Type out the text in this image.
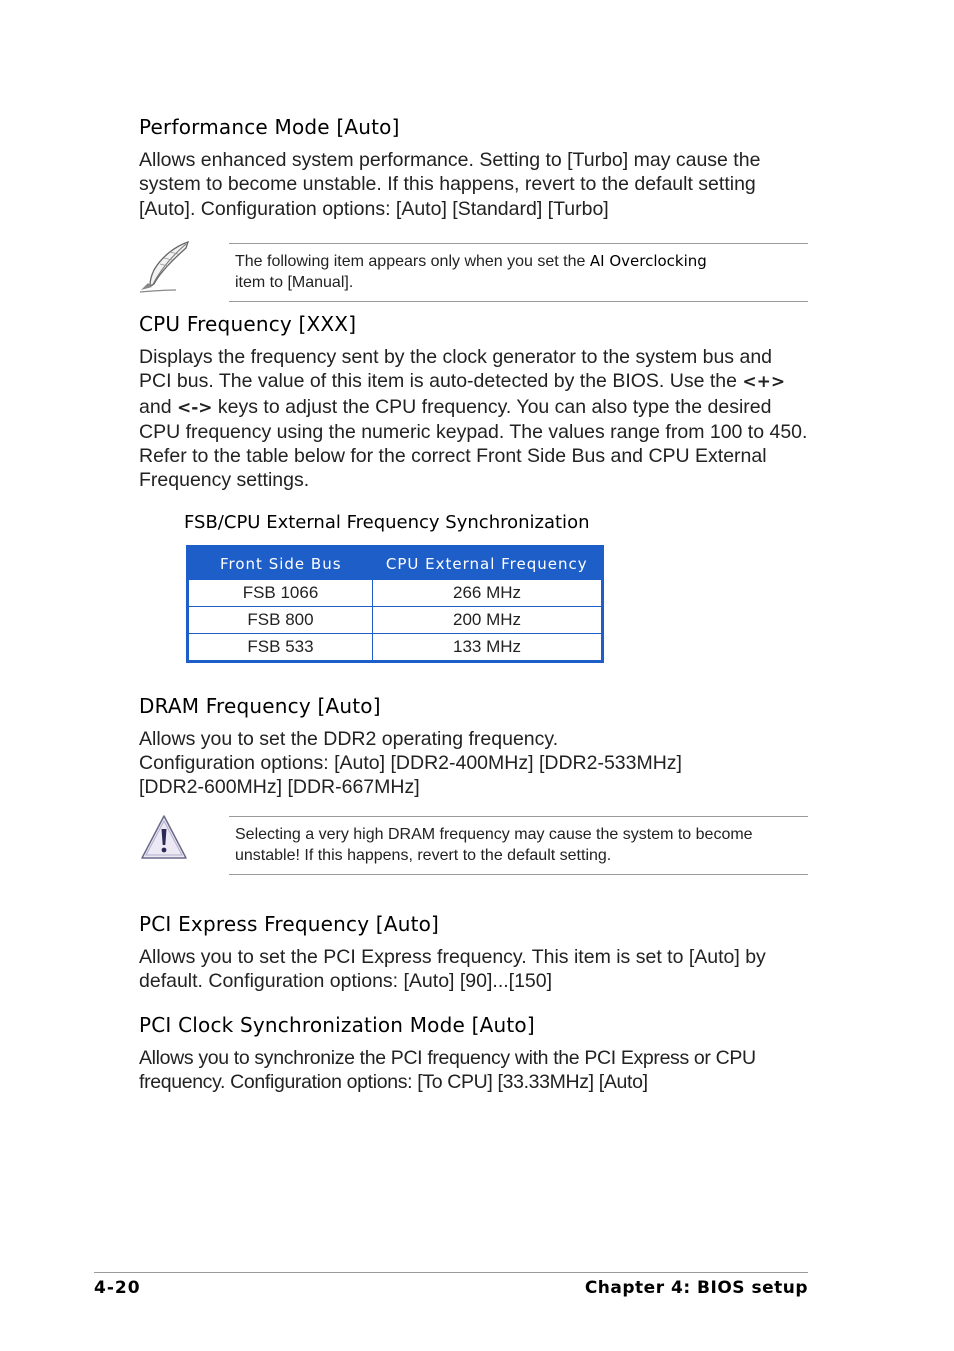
Performance Mode [Auto]

Allows enhanced system performance. Setting to [Turbo] may cause the system to become unstable. If this happens, revert to the default setting [Auto]. Configuration options: [Auto] [Standard] [Turbo]

The following item appears only when you set the AI Overclocking
item to [Manual].
CPU Frequency [XXX]

Displays the frequency sent by the clock generator to the system bus and PCI bus. The value of this item is auto-detected by the BIOS. Use the <+> and <-> keys to adjust the CPU frequency. You can also type the desired CPU frequency using the numeric keypad. The values range from 100 to 450. Refer to the table below for the correct Front Side Bus and CPU External Frequency settings.

FSB/CPU External Frequency Synchronization
Front Side Bus	CPU External Frequency
FSB 1066	266 MHz
FSB 800	200 MHz
FSB 533	133 MHz
DRAM Frequency [Auto]

Allows you to set the DDR2 operating frequency.

Configuration options: [Auto] [DDR2-400MHz] [DDR2-533MHz] [DDR2-600MHz] [DDR-667MHz]

Selecting a very high DRAM frequency may cause the system to become unstable! If this happens, revert to the default setting.
PCI Express Frequency [Auto]

Allows you to set the PCI Express frequency. This item is set to [Auto] by default. Configuration options: [Auto] [90]...[150]

PCI Clock Synchronization Mode [Auto]

Allows you to synchronize the PCI frequency with the PCI Express or CPU frequency. Configuration options: [To CPU] [33.33MHz] [Auto]

4-20	Chapter 4: BIOS setup
